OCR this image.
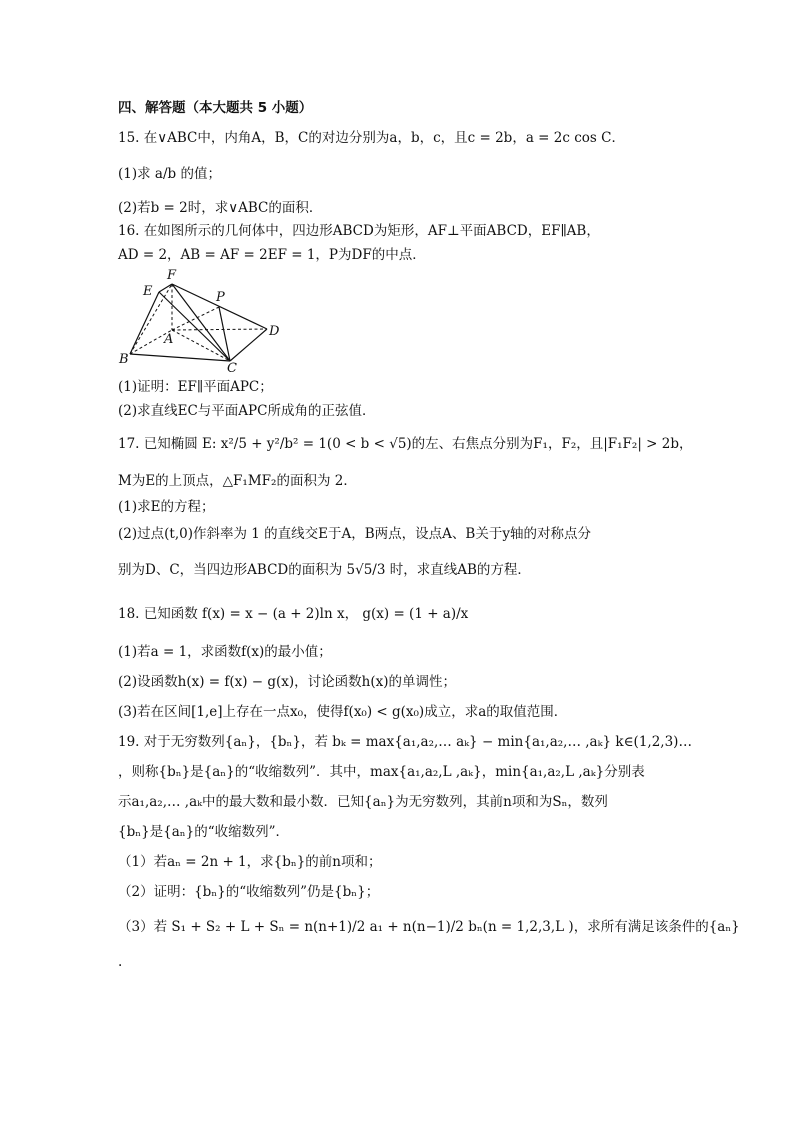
四、解答题（本大题共 5 小题）
15. 在∨ABC中，内角A，B，C的对边分别为a，b，c，且c = 2b，a = 2c cos C．
(1)求 a/b 的值；
(2)若b = 2时，求∨ABC的面积．
16. 在如图所示的几何体中，四边形ABCD为矩形，AF⊥平面ABCD，EF∥AB，
AD = 2，AB = AF = 2EF = 1，P为DF的中点．
F
E	P
A
D
B
C
(1)证明：EF∥平面APC；
(2)求直线EC与平面APC所成角的正弦值．
17. 已知椭圆 E: x²/5 + y²/b² = 1(0 < b < √5)的左、右焦点分别为F₁，F₂，且|F₁F₂| > 2b，
M为E的上顶点，△F₁MF₂的面积为 2．
(1)求E的方程；
(2)过点(t,0)作斜率为 1 的直线交E于A，B两点，设点A、B关于y轴的对称点分
别为D、C，当四边形ABCD的面积为 5√5/3 时，求直线AB的方程．
18. 已知函数 f(x) = x − (a + 2)ln x， g(x) = (1 + a)/x
(1)若a = 1，求函数f(x)的最小值；
(2)设函数h(x) = f(x) − g(x)，讨论函数h(x)的单调性；
(3)若在区间[1,e]上存在一点x₀，使得f(x₀) < g(x₀)成立，求a的取值范围．
19. 对于无穷数列{aₙ}，{bₙ}，若 bₖ = max{a₁,a₂,… aₖ} − min{a₁,a₂,… ,aₖ} k∈(1,2,3)…
，则称{bₙ}是{aₙ}的“收缩数列”．其中，max{a₁,a₂,L ,aₖ}，min{a₁,a₂,L ,aₖ}分别表
示a₁,a₂,… ,aₖ中的最大数和最小数．已知{aₙ}为无穷数列，其前n项和为Sₙ，数列
{bₙ}是{aₙ}的“收缩数列”．
（1）若aₙ = 2n + 1，求{bₙ}的前n项和；
（2）证明：{bₙ}的“收缩数列”仍是{bₙ}；
（3）若 S₁ + S₂ + L + Sₙ = n(n+1)/2 a₁ + n(n−1)/2 bₙ(n = 1,2,3,L )，求所有满足该条件的{aₙ}
.
